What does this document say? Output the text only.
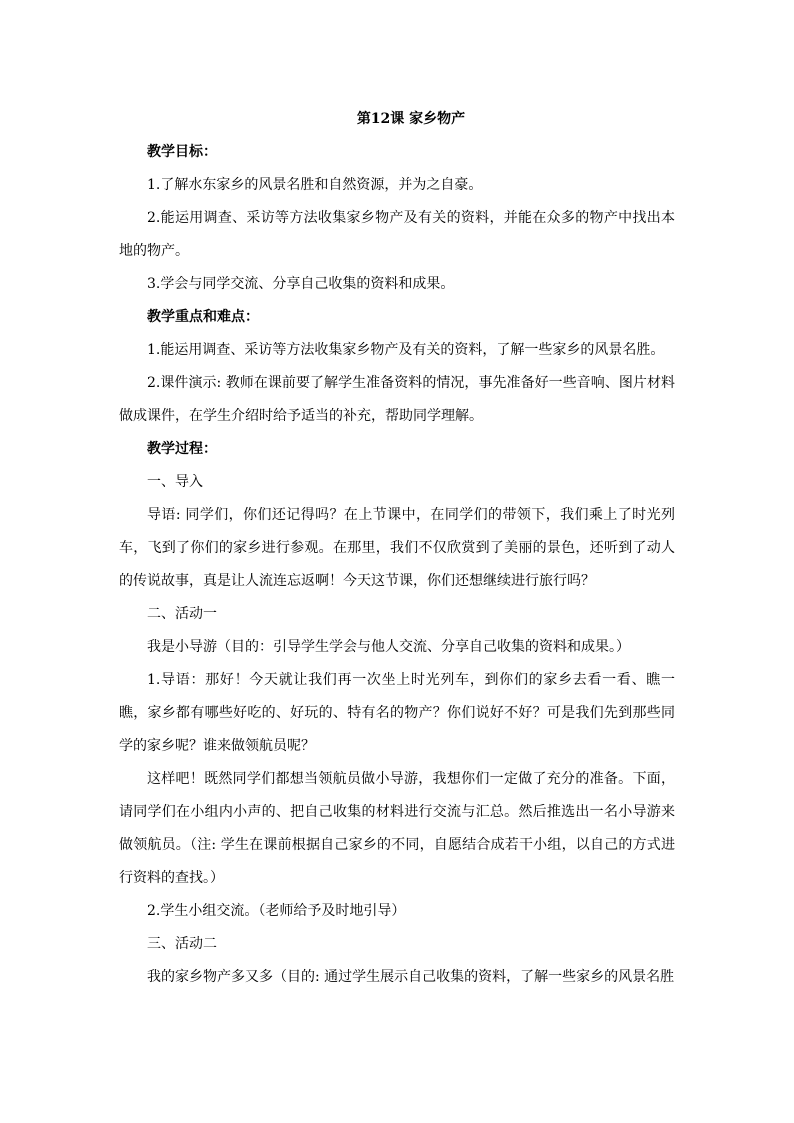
第12课 家乡物产

教学目标：

1.了解水东家乡的风景名胜和自然资源，并为之自豪。

2.能运用调查、采访等方法收集家乡物产及有关的资料，并能在众多的物产中找出本地的物产。

3.学会与同学交流、分享自己收集的资料和成果。

教学重点和难点：

1.能运用调查、采访等方法收集家乡物产及有关的资料，了解一些家乡的风景名胜。

2.课件演示: 教师在课前要了解学生准备资料的情况，事先准备好一些音响、图片材料做成课件，在学生介绍时给予适当的补充，帮助同学理解。

教学过程：

一、导入

导语: 同学们，你们还记得吗？在上节课中，在同学们的带领下，我们乘上了时光列车，飞到了你们的家乡进行参观。在那里，我们不仅欣赏到了美丽的景色，还听到了动人的传说故事，真是让人流连忘返啊！今天这节课，你们还想继续进行旅行吗？

二、活动一

我是小导游（目的：引导学生学会与他人交流、分享自己收集的资料和成果。）

1.导语：那好！今天就让我们再一次坐上时光列车，到你们的家乡去看一看、瞧一瞧，家乡都有哪些好吃的、好玩的、特有名的物产？你们说好不好？可是我们先到那些同学的家乡呢？谁来做领航员呢？

这样吧！既然同学们都想当领航员做小导游，我想你们一定做了充分的准备。下面，请同学们在小组内小声的、把自己收集的材料进行交流与汇总。然后推选出一名小导游来做领航员。（注: 学生在课前根据自己家乡的不同，自愿结合成若干小组，以自己的方式进行资料的查找。）

2.学生小组交流。（老师给予及时地引导）

三、活动二

我的家乡物产多又多（目的: 通过学生展示自己收集的资料，了解一些家乡的风景名胜
